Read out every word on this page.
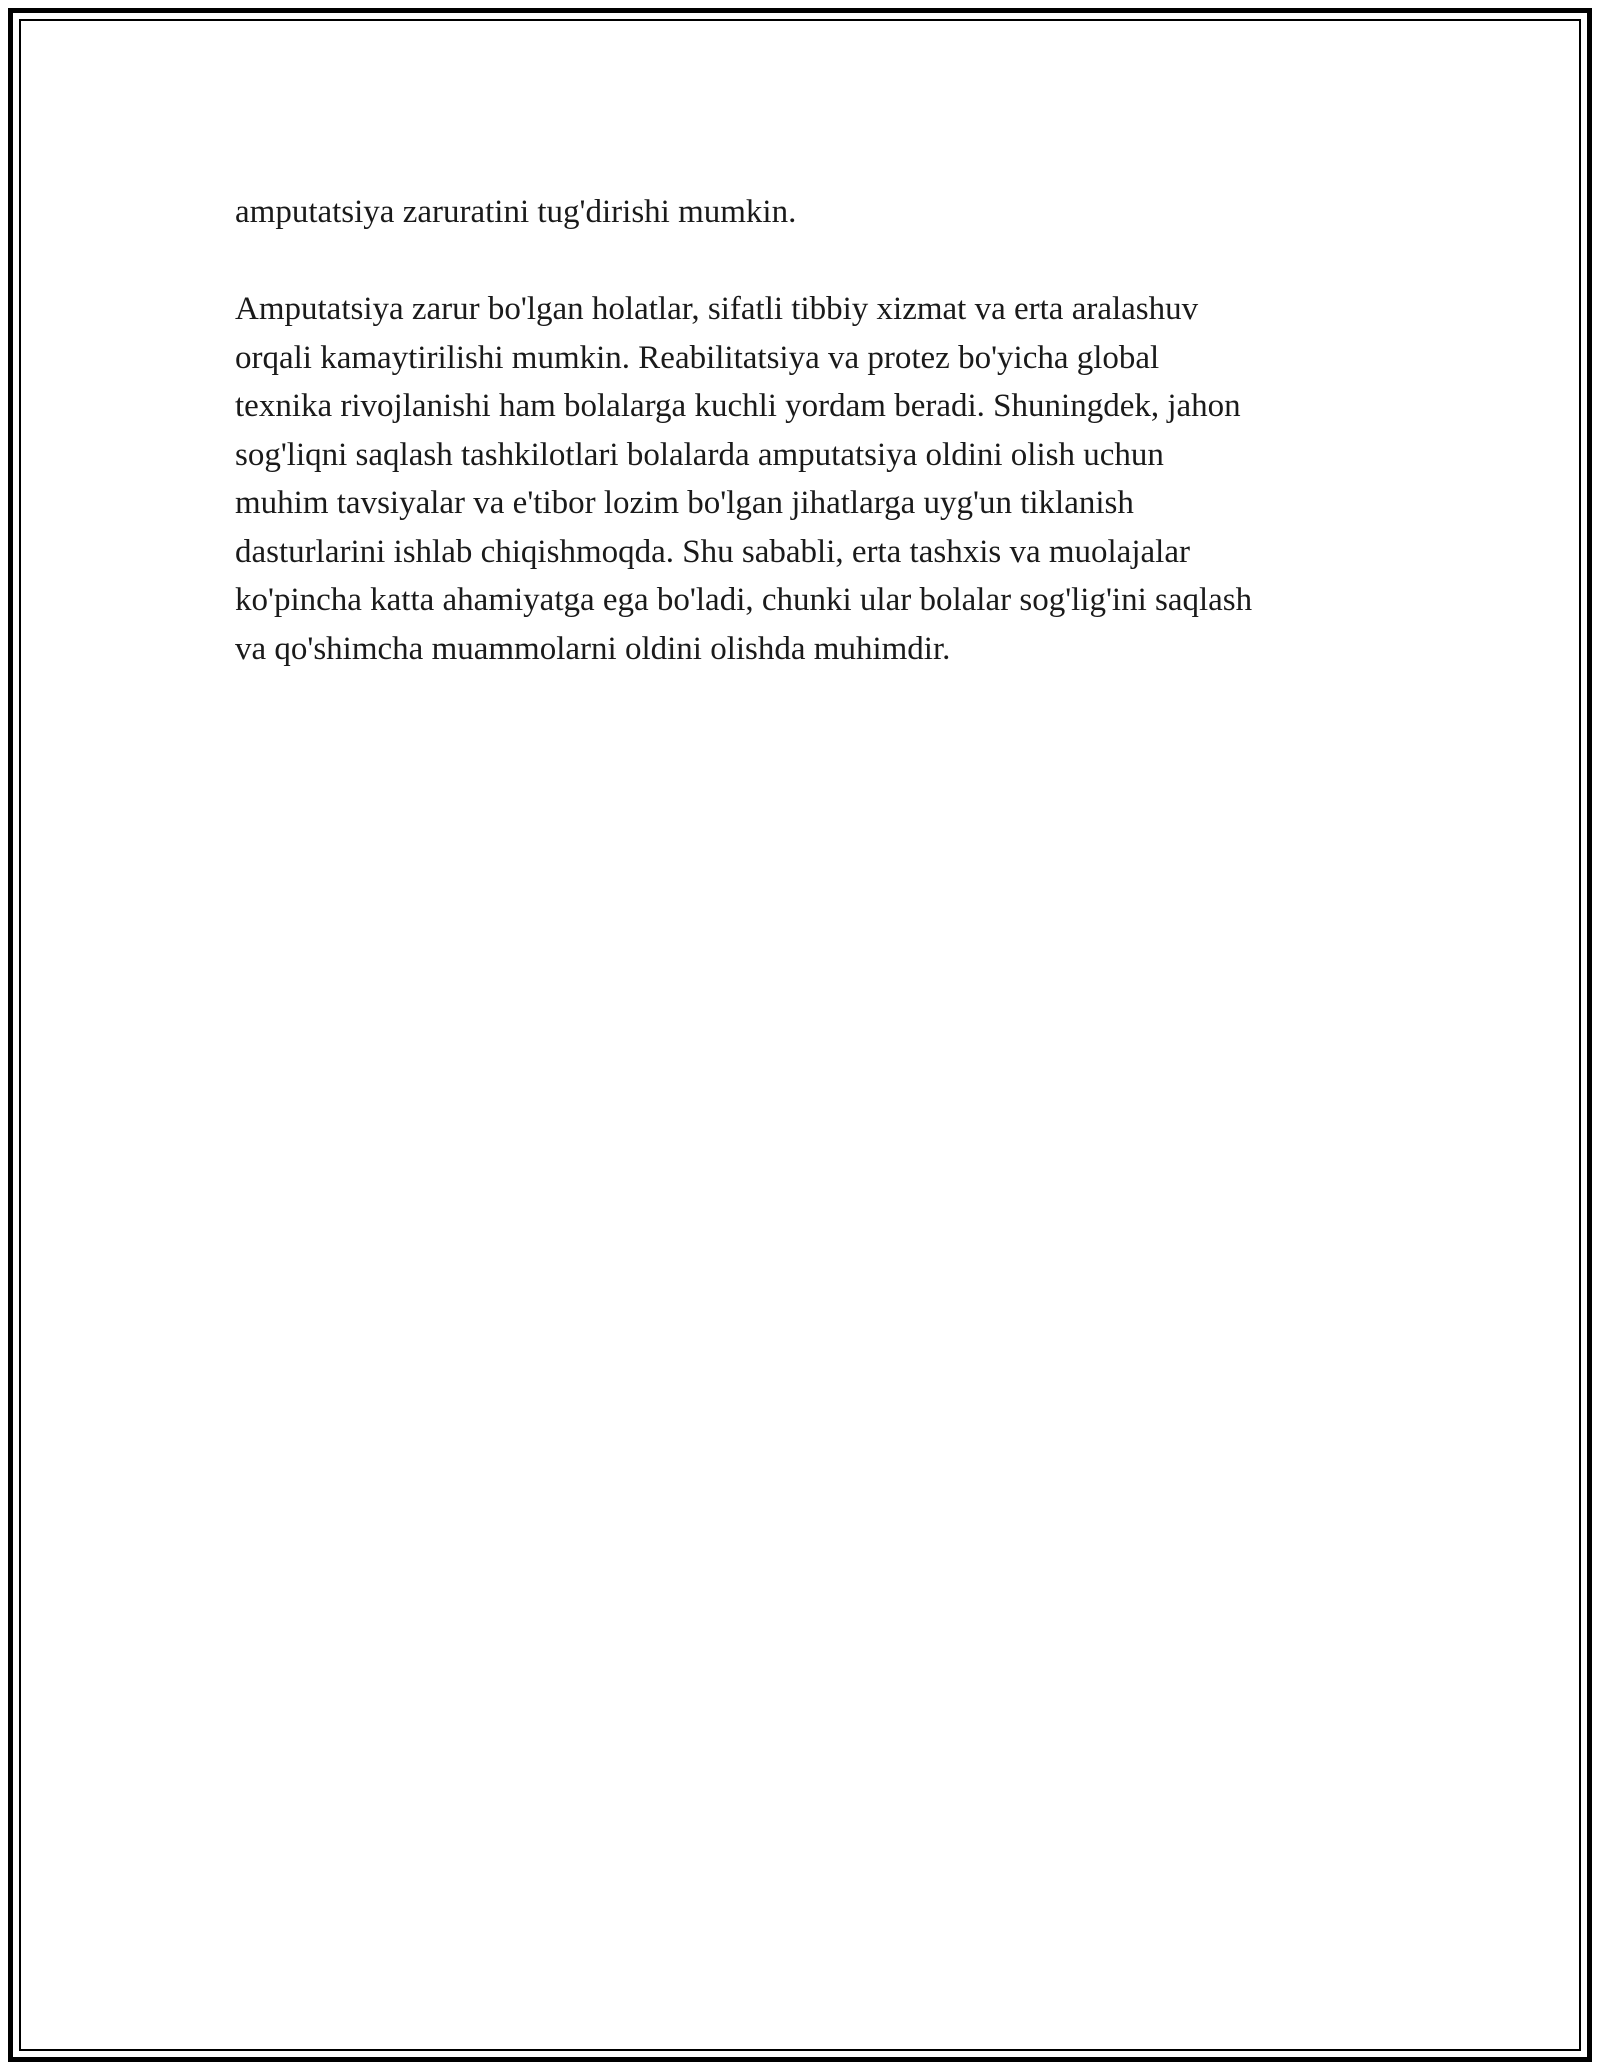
amputatsiya zaruratini tug'dirishi mumkin.

Amputatsiya zarur bo'lgan holatlar, sifatli tibbiy xizmat va erta aralashuv

orqali kamaytirilishi mumkin. Reabilitatsiya va protez bo'yicha global

texnika rivojlanishi ham bolalarga kuchli yordam beradi. Shuningdek, jahon

sog'liqni saqlash tashkilotlari bolalarda amputatsiya oldini olish uchun

muhim tavsiyalar va e'tibor lozim bo'lgan jihatlarga uyg'un tiklanish

dasturlarini ishlab chiqishmoqda. Shu sababli, erta tashxis va muolajalar

ko'pincha katta ahamiyatga ega bo'ladi, chunki ular bolalar sog'lig'ini saqlash

va qo'shimcha muammolarni oldini olishda muhimdir.
